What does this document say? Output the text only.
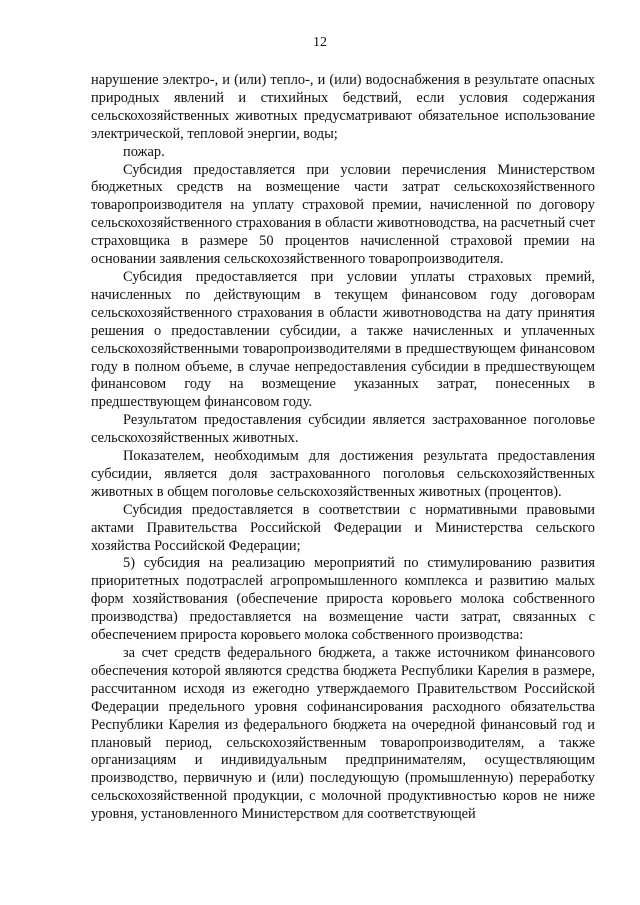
12

нарушение электро-, и (или) тепло-, и (или) водоснабжения в результате опасных природных явлений и стихийных бедствий, если условия содержания сельскохозяйственных животных предусматривают обязательное использование электрической, тепловой энергии, воды;

пожар.

Субсидия предоставляется при условии перечисления Министерством бюджетных средств на возмещение части затрат сельскохозяйственного товаропроизводителя на уплату страховой премии, начисленной по договору сельскохозяйственного страхования в области животноводства, на расчетный счет страховщика в размере 50 процентов начисленной страховой премии на основании заявления сельскохозяйственного товаропроизводителя.

Субсидия предоставляется при условии уплаты страховых премий, начисленных по действующим в текущем финансовом году договорам сельскохозяйственного страхования в области животноводства на дату принятия решения о предоставлении субсидии, а также начисленных и уплаченных сельскохозяйственными товаропроизводителями в предшествующем финансовом году в полном объеме, в случае непредоставления субсидии в предшествующем финансовом году на возмещение указанных затрат, понесенных в предшествующем финансовом году.

Результатом предоставления субсидии является застрахованное поголовье сельскохозяйственных животных.

Показателем, необходимым для достижения результата предоставления субсидии, является доля застрахованного поголовья сельскохозяйственных животных в общем поголовье сельскохозяйственных животных (процентов).

Субсидия предоставляется в соответствии с нормативными правовыми актами Правительства Российской Федерации и Министерства сельского хозяйства Российской Федерации;

5) субсидия на реализацию мероприятий по стимулированию развития приоритетных подотраслей агропромышленного комплекса и развитию малых форм хозяйствования (обеспечение прироста коровьего молока собственного производства) предоставляется на возмещение части затрат, связанных с обеспечением прироста коровьего молока собственного производства:

за счет средств федерального бюджета, а также источником финансового обеспечения которой являются средства бюджета Республики Карелия в размере, рассчитанном исходя из ежегодно утверждаемого Правительством Российской Федерации предельного уровня софинансирования расходного обязательства Республики Карелия из федерального бюджета на очередной финансовый год и плановый период, сельскохозяйственным товаропроизводителям, а также организациям и индивидуальным предпринимателям, осуществляющим производство, первичную и (или) последующую (промышленную) переработку сельскохозяйственной продукции, с молочной продуктивностью коров не ниже уровня, установленного Министерством для соответствующей
